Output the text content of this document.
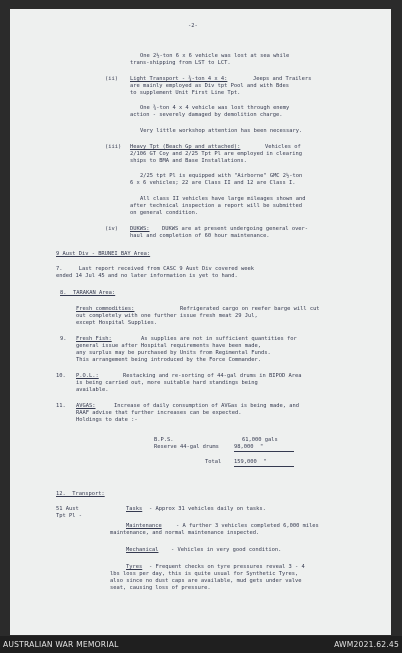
-2-
One 2½-ton 6 x 6 vehicle was lost at sea while
trans-shipping from LST to LCT.
(ii) Light Transport - ¾-ton 4 x 4:	Jeeps and Trailers
are mainly employed as Div tpt Pool and with Bdes
to supplement Unit First Line Tpt.
One ¾-ton 4 x 4 vehicle was lost through enemy
action - severely damaged by demolition charge.
Very little workshop attention has been necessary.
(iii) Heavy Tpt (Beach Gp and attached):	Vehicles of
2/106 GT Coy and 2/25 Tpt Pl are employed in clearing
ships to BMA and Base Installations.
2/25 tpt Pl is equipped with "Airborne" GMC 2½-ton
6 x 6 vehicles; 22 are Class II and 12 are Class I.
All class II vehicles have large mileages shown and
after technical inspection a report will be submitted
on general condition.
(iv) DUKWS: DUKWS are at present undergoing general over-
haul and completion of 60 hour maintenance.
9 Aust Div - BRUNEI BAY Area:
7.     Last report received from CASC 9 Aust Div covered week
ended 14 Jul 45 and no later information is yet to hand.
8.  TARAKAN Area:
Fresh commodities:	Refrigerated cargo on reefer barge will cut
out completely with one further issue fresh meat 29 Jul,
except Hospital Supplies.
9. Fresh Fish:	As supplies are not in sufficient quantities for
general issue after Hospital requirements have been made,
any surplus may be purchased by Units from Regimental Funds.
This arrangement being introduced by the Force Commander.
10. P.O.L.:	Restacking and re-sorting of 44-gal drums in BIPOD Area
is being carried out, more suitable hard standings being
available.
11. AVGAS:	Increase of daily consumption of AVGas is being made, and
RAAF advise that further increases can be expected.
Holdings to date :-
B.P.S.	61,000 gals
Reserve 44-gal drums	98,000  "
Total 159,000  "
12.  Transport:
51 Aust
Tpt Pl -
Tasks - Approx 31 vehicles daily on tasks.
Maintenance	- A further 3 vehicles completed 6,000 miles
maintenance, and normal maintenance inspected.
Mechanical - Vehicles in very good condition.
Tyres - Frequent checks on tyre pressures reveal 3 - 4
lbs loss per day, this is quite usual for Synthetic Tyres,
also since no dust caps are available, mud gets under valve
seat, causing loss of pressure.
AUSTRALIAN WAR MEMORIAL	AWM2021.62.45
